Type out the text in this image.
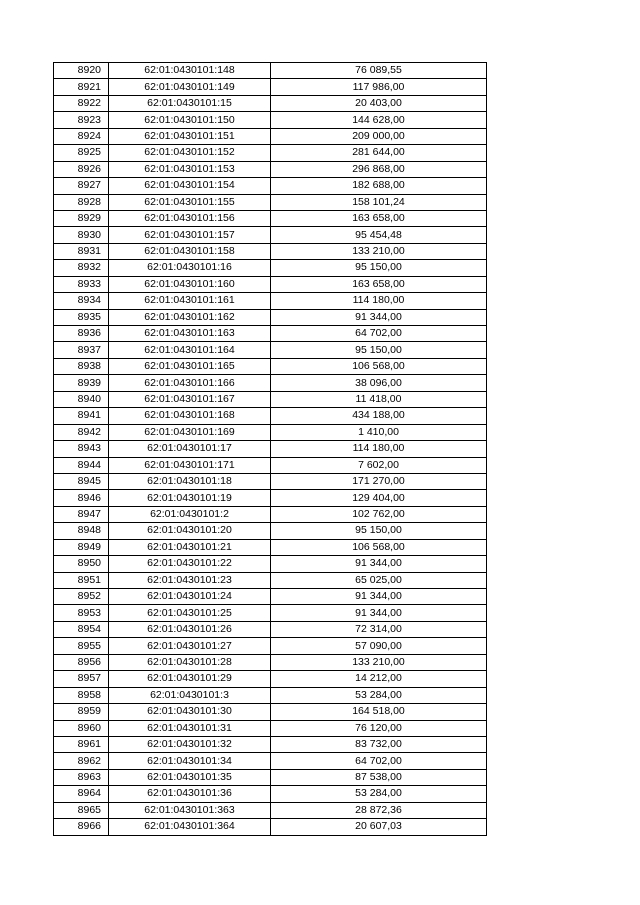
8920	62:01:0430101:148	76 089,55
8921	62:01:0430101:149	117 986,00
8922	62:01:0430101:15	20 403,00
8923	62:01:0430101:150	144 628,00
8924	62:01:0430101:151	209 000,00
8925	62:01:0430101:152	281 644,00
8926	62:01:0430101:153	296 868,00
8927	62:01:0430101:154	182 688,00
8928	62:01:0430101:155	158 101,24
8929	62:01:0430101:156	163 658,00
8930	62:01:0430101:157	95 454,48
8931	62:01:0430101:158	133 210,00
8932	62:01:0430101:16	95 150,00
8933	62:01:0430101:160	163 658,00
8934	62:01:0430101:161	114 180,00
8935	62:01:0430101:162	91 344,00
8936	62:01:0430101:163	64 702,00
8937	62:01:0430101:164	95 150,00
8938	62:01:0430101:165	106 568,00
8939	62:01:0430101:166	38 096,00
8940	62:01:0430101:167	11 418,00
8941	62:01:0430101:168	434 188,00
8942	62:01:0430101:169	1 410,00
8943	62:01:0430101:17	114 180,00
8944	62:01:0430101:171	7 602,00
8945	62:01:0430101:18	171 270,00
8946	62:01:0430101:19	129 404,00
8947	62:01:0430101:2	102 762,00
8948	62:01:0430101:20	95 150,00
8949	62:01:0430101:21	106 568,00
8950	62:01:0430101:22	91 344,00
8951	62:01:0430101:23	65 025,00
8952	62:01:0430101:24	91 344,00
8953	62:01:0430101:25	91 344,00
8954	62:01:0430101:26	72 314,00
8955	62:01:0430101:27	57 090,00
8956	62:01:0430101:28	133 210,00
8957	62:01:0430101:29	14 212,00
8958	62:01:0430101:3	53 284,00
8959	62:01:0430101:30	164 518,00
8960	62:01:0430101:31	76 120,00
8961	62:01:0430101:32	83 732,00
8962	62:01:0430101:34	64 702,00
8963	62:01:0430101:35	87 538,00
8964	62:01:0430101:36	53 284,00
8965	62:01:0430101:363	28 872,36
8966	62:01:0430101:364	20 607,03
